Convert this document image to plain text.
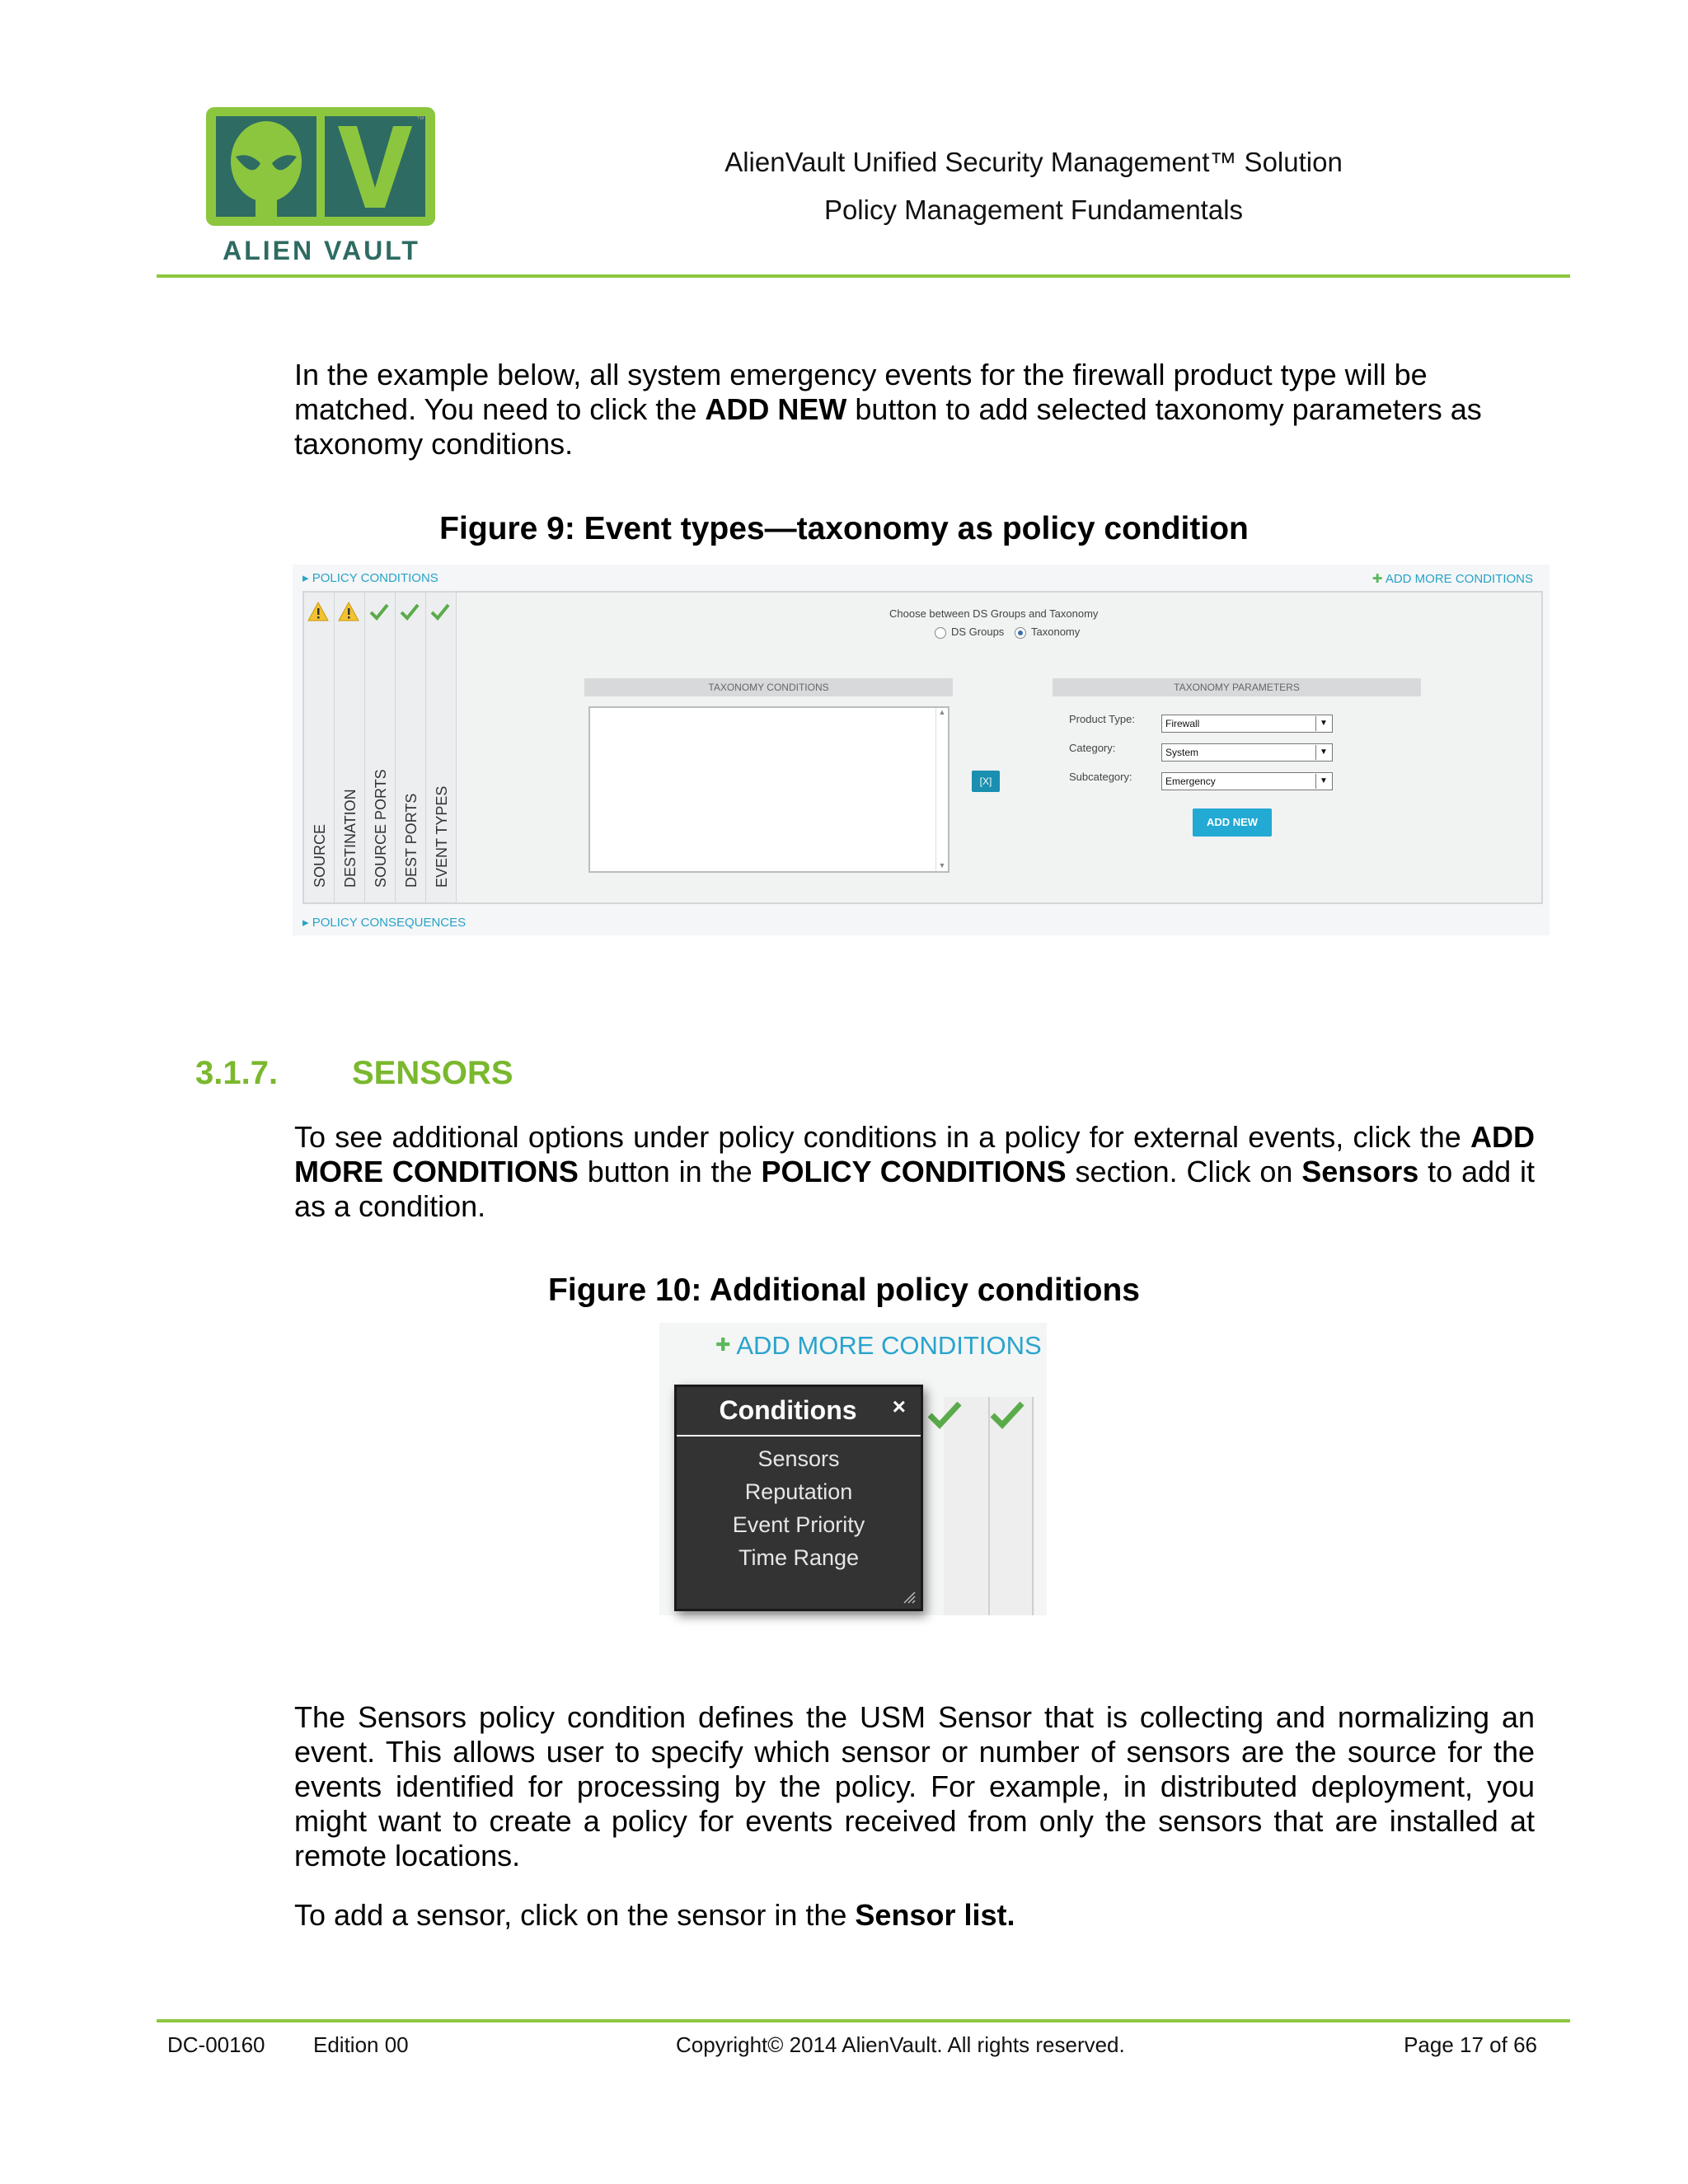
™
ALIEN VAULT
AlienVault Unified Security Management™ Solution
Policy Management Fundamentals
In the example below, all system emergency events for the firewall product type will be matched. You need to click the ADD NEW button to add selected taxonomy parameters as taxonomy conditions.
Figure 9: Event types—taxonomy as policy condition
▸ POLICY CONDITIONS	✚ ADD MORE CONDITIONS
SOURCE DESTINATION SOURCE PORTS DEST PORTS EVENT TYPES
Choose between DS Groups and Taxonomy
DS Groups	Taxonomy
TAXONOMY CONDITIONS
▲
▼
[X]
TAXONOMY PARAMETERS
Product Type:	Firewall	▼
Category:	System	▼
Subcategory:	Emergency	▼
ADD NEW
▸ POLICY CONSEQUENCES
3.1.7. SENSORS
To see additional options under policy conditions in a policy for external events, click the ADD MORE CONDITIONS button in the POLICY CONDITIONS section. Click on Sensors to add it as a condition.
Figure 10: Additional policy conditions
✚ ADD MORE CONDITIONS
Conditions	×
Sensors
Reputation
Event Priority
Time Range
The Sensors policy condition defines the USM Sensor that is collecting and normalizing an event. This allows user to specify which sensor or number of sensors are the source for the events identified for processing by the policy. For example, in distributed deployment, you might want to create a policy for events received from only the sensors that are installed at remote locations.
To add a sensor, click on the sensor in the Sensor list.
DC-00160 Edition 00	Copyright© 2014 AlienVault. All rights reserved.	Page 17 of 66
